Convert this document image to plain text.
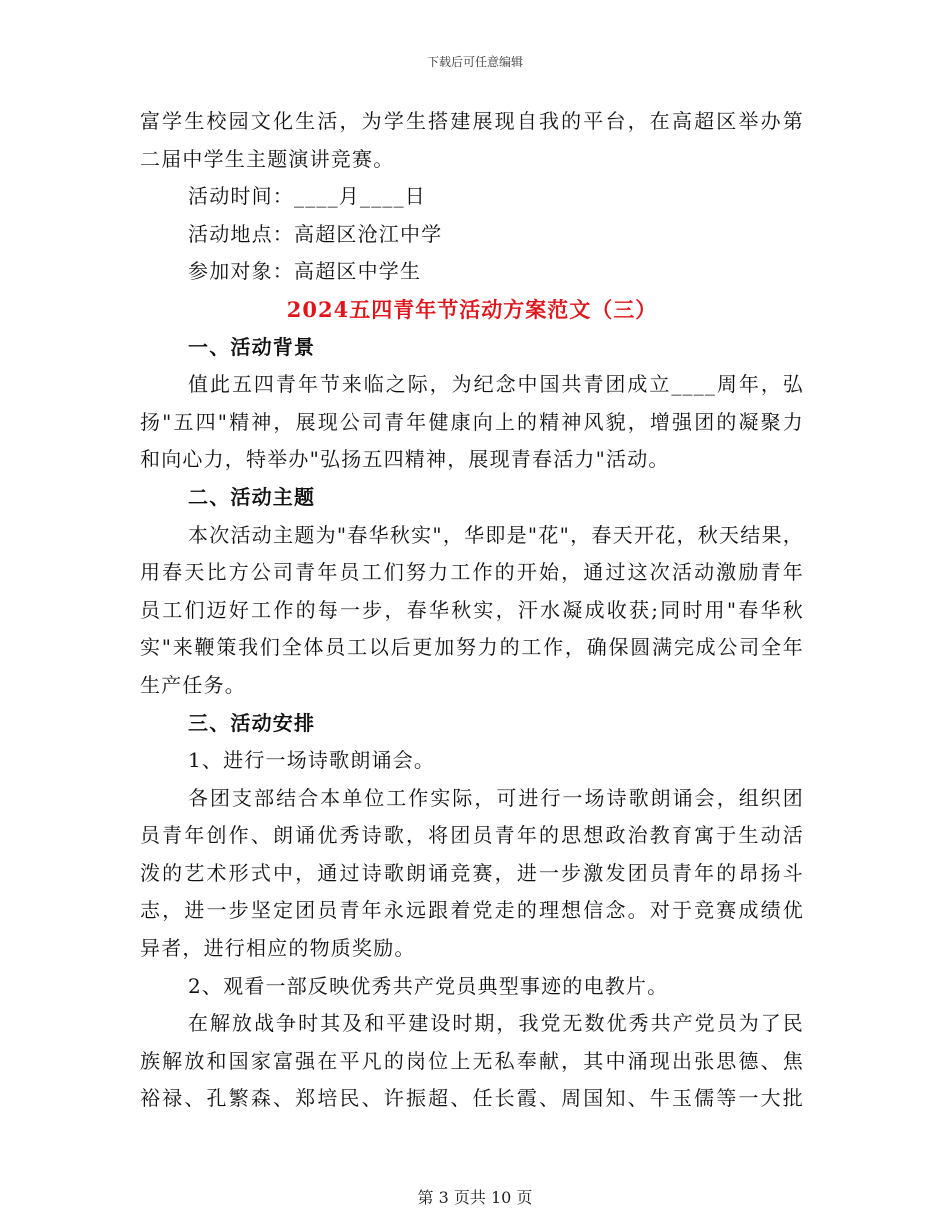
下载后可任意编辑
富学生校园文化生活，为学生搭建展现自我的平台，在高超区举办第
二届中学生主题演讲竞赛。
活动时间：____月____日
活动地点：高超区沧江中学
参加对象：高超区中学生
2024五四青年节活动方案范文（三）
一、活动背景
值此五四青年节来临之际，为纪念中国共青团成立____周年，弘
扬"五四"精神，展现公司青年健康向上的精神风貌，增强团的凝聚力
和向心力，特举办"弘扬五四精神，展现青春活力"活动。
二、活动主题
本次活动主题为"春华秋实"，华即是"花"，春天开花，秋天结果，
用春天比方公司青年员工们努力工作的开始，通过这次活动激励青年
员工们迈好工作的每一步，春华秋实，汗水凝成收获;同时用"春华秋
实"来鞭策我们全体员工以后更加努力的工作，确保圆满完成公司全年
生产任务。
三、活动安排
1、进行一场诗歌朗诵会。
各团支部结合本单位工作实际，可进行一场诗歌朗诵会，组织团
员青年创作、朗诵优秀诗歌，将团员青年的思想政治教育寓于生动活
泼的艺术形式中，通过诗歌朗诵竞赛，进一步激发团员青年的昂扬斗
志，进一步坚定团员青年永远跟着党走的理想信念。对于竞赛成绩优
异者，进行相应的物质奖励。
2、观看一部反映优秀共产党员典型事迹的电教片。
在解放战争时其及和平建设时期，我党无数优秀共产党员为了民
族解放和国家富强在平凡的岗位上无私奉献，其中涌现出张思德、焦
裕禄、孔繁森、郑培民、许振超、任长霞、周国知、牛玉儒等一大批
第 3 页共 10 页
